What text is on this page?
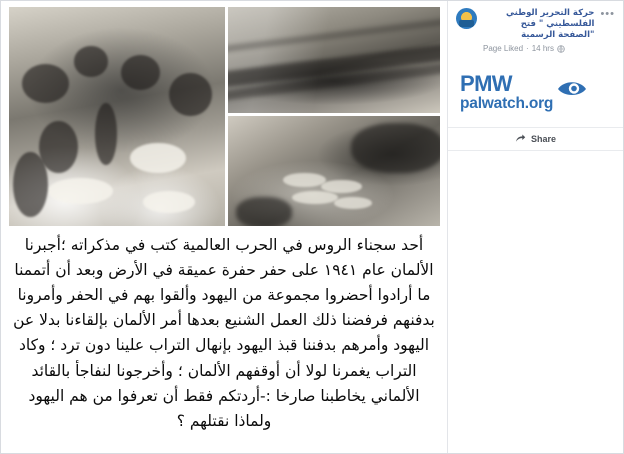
أحد سجناء الروس في الحرب العالمية كتب في مذكراته ؛أجبرنا الألمان عام ١٩٤١ على حفر حفرة عميقة في الأرض وبعد أن أتممنا ما أرادوا أحضروا مجموعة من اليهود وألقوا بهم في الحفر وأمرونا بدفنهم فرفضنا ذلك العمل الشنيع بعدها أمر الألمان بإلقاءنا بدلا عن اليهود وأمرهم بدفننا قبذ اليهود بإنهال التراب علينا دون ترد ؛ وكاد التراب يغمرنا لولا أن أوقفهم الألمان ؛ وأخرجونا لنفاجأ بالقائد الألماني يخاطبنا صارخا :-أردتكم فقط أن تعرفوا من هم اليهود ولماذا نقتلهم ؟
حركة التحرير الوطني الفلسطيني " فتح "الصفحة الرسمية
Page Liked · 14 hrs
•••
PMW
palwatch.org
Share
